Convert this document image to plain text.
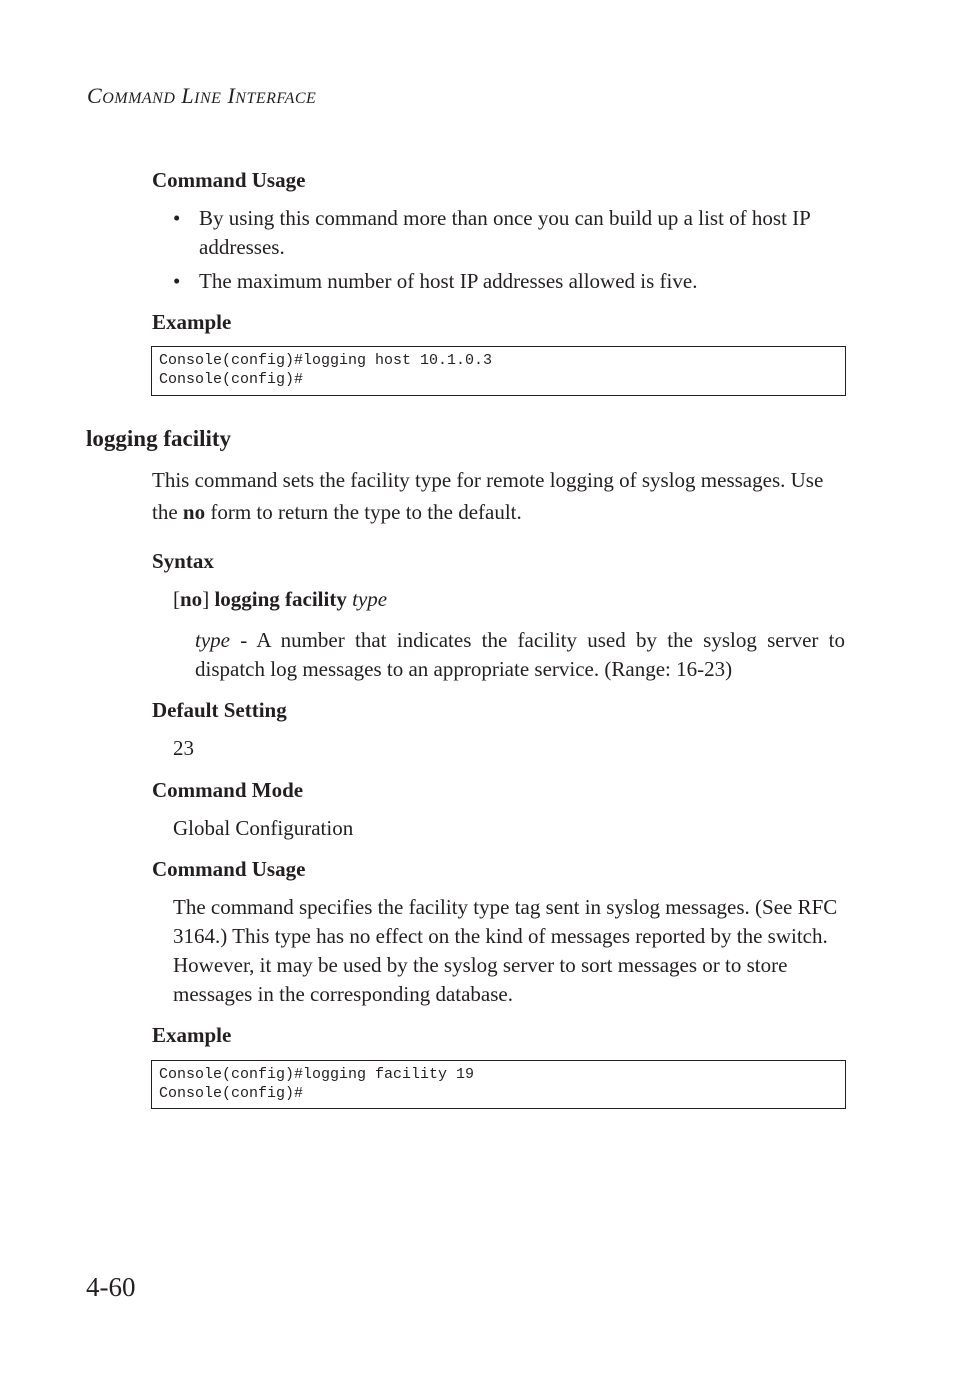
COMMAND LINE INTERFACE
Command Usage
• By using this command more than once you can build up a list of host IP addresses.
• The maximum number of host IP addresses allowed is five.
Example
Console(config)#logging host 10.1.0.3
Console(config)#
logging facility
This command sets the facility type for remote logging of syslog messages. Use the no form to return the type to the default.
Syntax
[no] logging facility type
type - A number that indicates the facility used by the syslog server to dispatch log messages to an appropriate service. (Range: 16-23)
Default Setting
23
Command Mode
Global Configuration
Command Usage
The command specifies the facility type tag sent in syslog messages. (See RFC 3164.) This type has no effect on the kind of messages reported by the switch. However, it may be used by the syslog server to sort messages or to store messages in the corresponding database.
Example
Console(config)#logging facility 19
Console(config)#
4-60
